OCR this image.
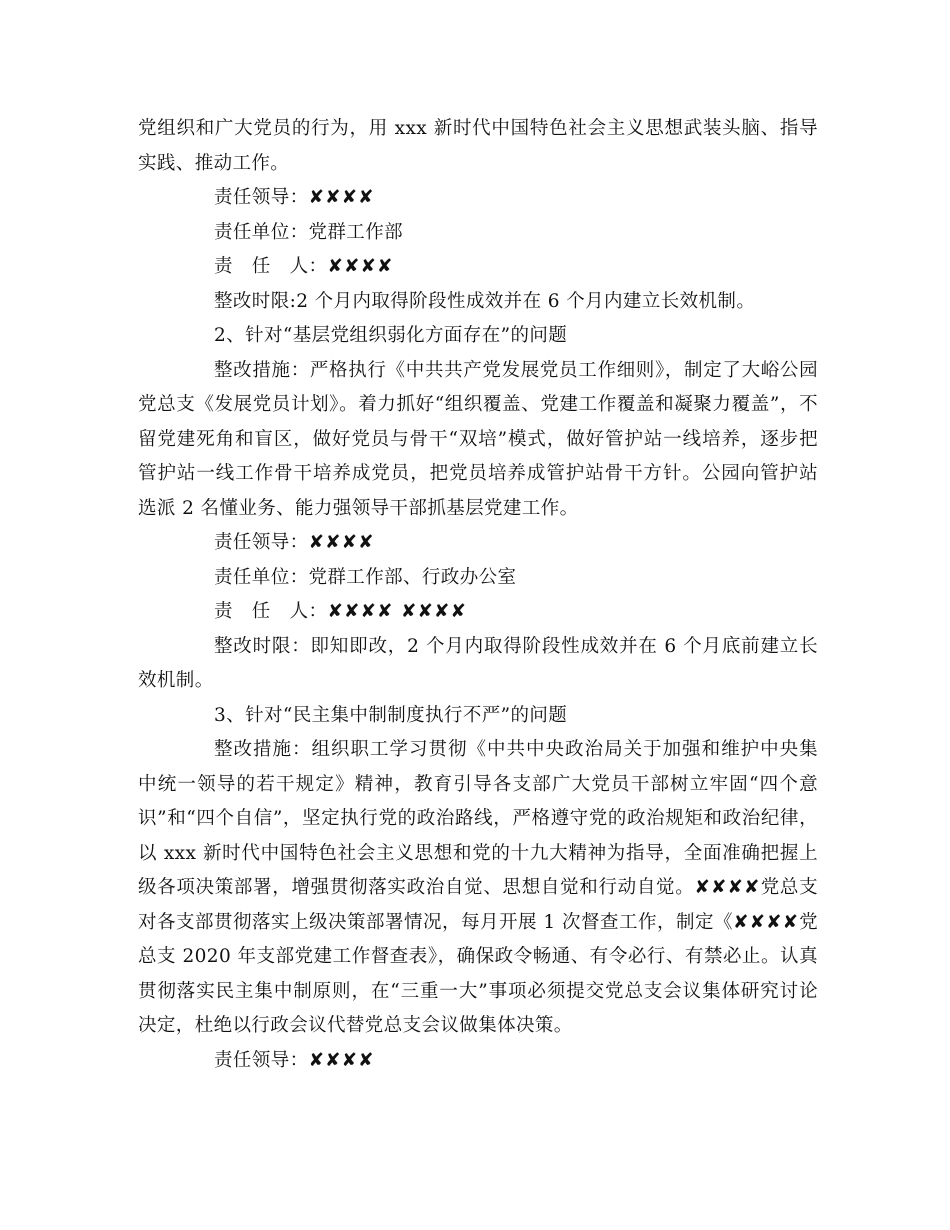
党组织和广大党员的行为，用 xxx 新时代中国特色社会主义思想武装头脑、指导实践、推动工作。

责任领导：✘✘✘✘

责任单位：党群工作部

责　任　人：✘✘✘✘

整改时限:2 个月内取得阶段性成效并在 6 个月内建立长效机制。

2、针对“基层党组织弱化方面存在”的问题

整改措施：严格执行《中共共产党发展党员工作细则》，制定了大峪公园党总支《发展党员计划》。着力抓好“组织覆盖、党建工作覆盖和凝聚力覆盖”，不留党建死角和盲区，做好党员与骨干“双培”模式，做好管护站一线培养，逐步把管护站一线工作骨干培养成党员，把党员培养成管护站骨干方针。公园向管护站选派 2 名懂业务、能力强领导干部抓基层党建工作。

责任领导：✘✘✘✘

责任单位：党群工作部、行政办公室

责　任　人：✘✘✘✘ ✘✘✘✘

整改时限：即知即改，2 个月内取得阶段性成效并在 6 个月底前建立长效机制。

3、针对“民主集中制制度执行不严”的问题

整改措施：组织职工学习贯彻《中共中央政治局关于加强和维护中央集中统一领导的若干规定》精神，教育引导各支部广大党员干部树立牢固“四个意识”和“四个自信”，坚定执行党的政治路线，严格遵守党的政治规矩和政治纪律，以 xxx 新时代中国特色社会主义思想和党的十九大精神为指导，全面准确把握上级各项决策部署，增强贯彻落实政治自觉、思想自觉和行动自觉。✘✘✘✘党总支对各支部贯彻落实上级决策部署情况，每月开展 1 次督查工作，制定《✘✘✘✘党总支 2020 年支部党建工作督查表》，确保政令畅通、有令必行、有禁必止。认真贯彻落实民主集中制原则，在“三重一大”事项必须提交党总支会议集体研究讨论决定，杜绝以行政会议代替党总支会议做集体决策。

责任领导：✘✘✘✘
